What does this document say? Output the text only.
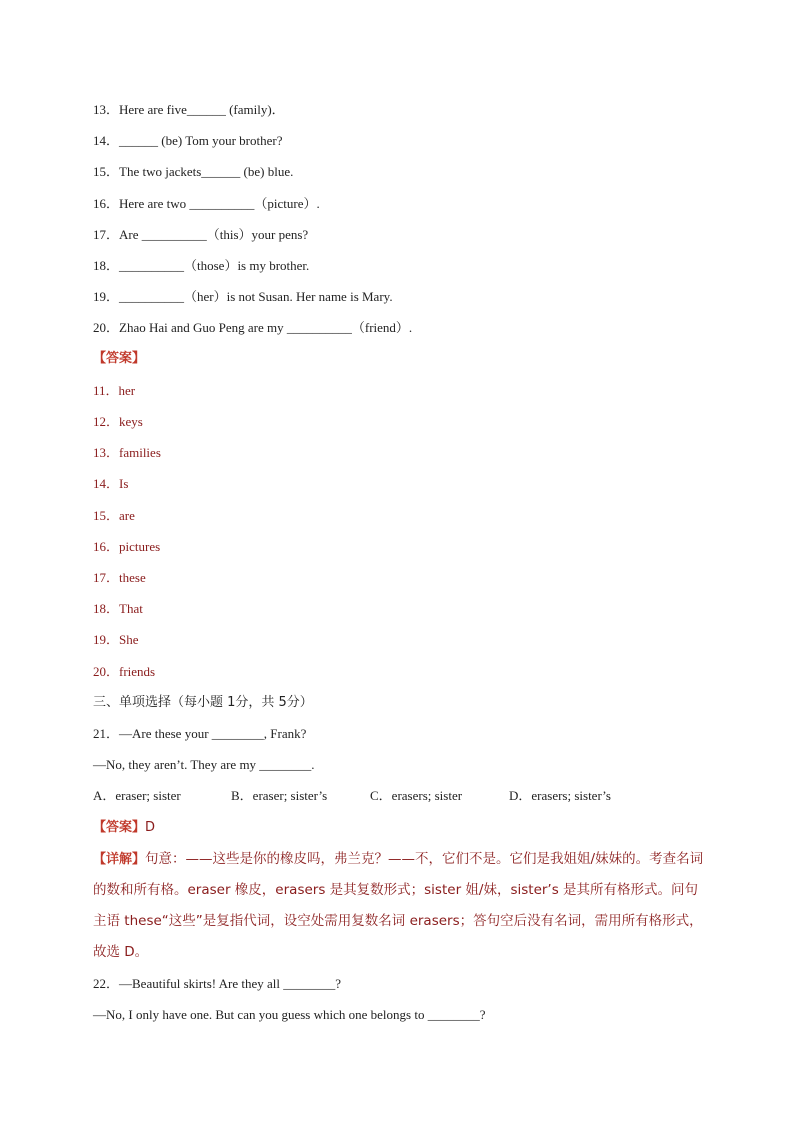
13．Here are five______ (family)．
14．______ (be) Tom your brother?
15．The two jackets______ (be) blue.
16．Here are two __________（picture）.
17．Are __________（this）your pens?
18．__________（those）is my brother.
19．__________（her）is not Susan. Her name is Mary.
20．Zhao Hai and Guo Peng are my __________（friend）.
【答案】
11．her
12．keys
13．families
14．Is
15．are
16．pictures
17．these
18．That
19．She
20．friends
三、单项选择（每小题 1分，共 5分）
21．—Are these your ________, Frank?
—No, they aren’t. They are my ________.
A．eraser; sister	B．eraser; sister’s	C．erasers; sister	D．erasers; sister’s
【答案】D
【详解】句意：——这些是你的橡皮吗，弗兰克？——不，它们不是。它们是我姐姐/妹妹的。考查名词的数和所有格。eraser 橡皮，erasers 是其复数形式；sister 姐/妹，sister’s 是其所有格形式。问句主语 these“这些”是复指代词，设空处需用复数名词 erasers；答句空后没有名词，需用所有格形式，故选 D。
22．—Beautiful skirts! Are they all ________?
—No, I only have one. But can you guess which one belongs to ________?
